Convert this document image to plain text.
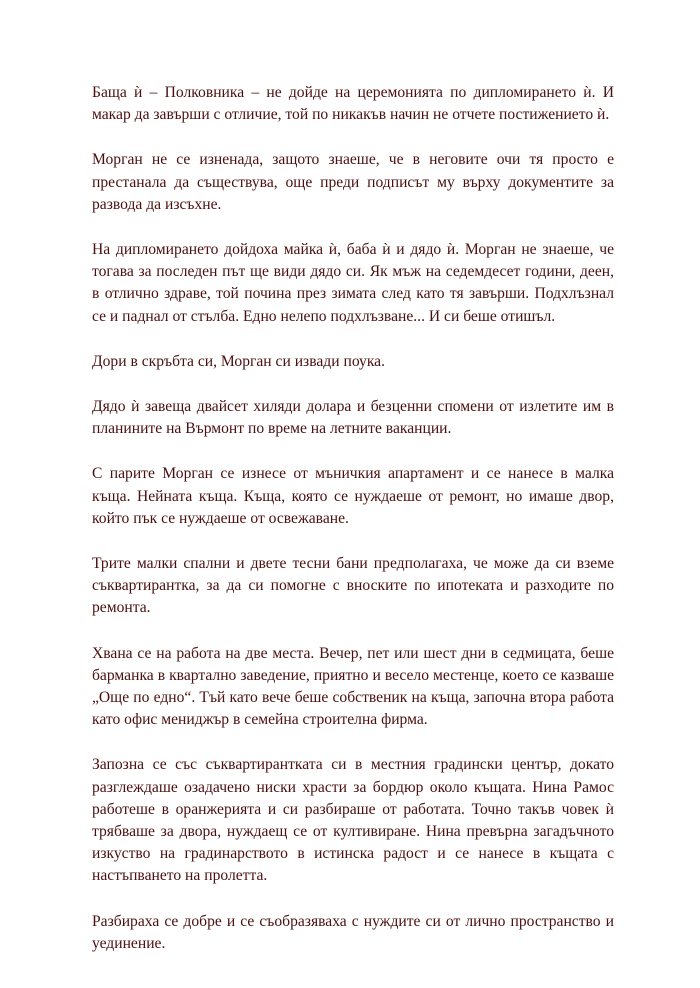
Баща ѝ – Полковника – не дойде на церемонията по дипломирането ѝ. И макар да завърши с отличие, той по никакъв начин не отчете постижението ѝ.

Морган не се изненада, защото знаеше, че в неговите очи тя просто е престанала да съществува, още преди подписът му върху документите за развода да изсъхне.

На дипломирането дойдоха майка ѝ, баба ѝ и дядо ѝ. Морган не знаеше, че тогава за последен път ще види дядо си. Як мъж на седемдесет години, деен, в отлично здраве, той почина през зимата след като тя завърши. Подхлъзнал се и паднал от стълба. Едно нелепо подхлъзване... И си беше отишъл.

Дори в скръбта си, Морган си извади поука.

Дядо ѝ завеща двайсет хиляди долара и безценни спомени от излетите им в планините на Върмонт по време на летните ваканции.

С парите Морган се изнесе от мъничкия апартамент и се нанесе в малка къща. Нейната къща. Къща, която се нуждаеше от ремонт, но имаше двор, който пък се нуждаеше от освежаване.

Трите малки спални и двете тесни бани предполагаха, че може да си вземе съквартирантка, за да си помогне с вноските по ипотеката и разходите по ремонта.

Хвана се на работа на две места. Вечер, пет или шест дни в седмицата, беше барманка в квартално заведение, приятно и весело местенце, което се казваше „Още по едно“. Тъй като вече беше собственик на къща, започна втора работа като офис мениджър в семейна строителна фирма.

Запозна се със съквартирантката си в местния градински център, докато разглеждаше озадачено ниски храсти за бордюр около къщата. Нина Рамос работеше в оранжерията и си разбираше от работата. Точно такъв човек ѝ трябваше за двора, нуждаещ се от култивиране. Нина превърна загадъчното изкуство на градинарството в истинска радост и се нанесе в къщата с настъпването на пролетта.

Разбираха се добре и се съобразяваха с нуждите си от лично пространство и уединение.
